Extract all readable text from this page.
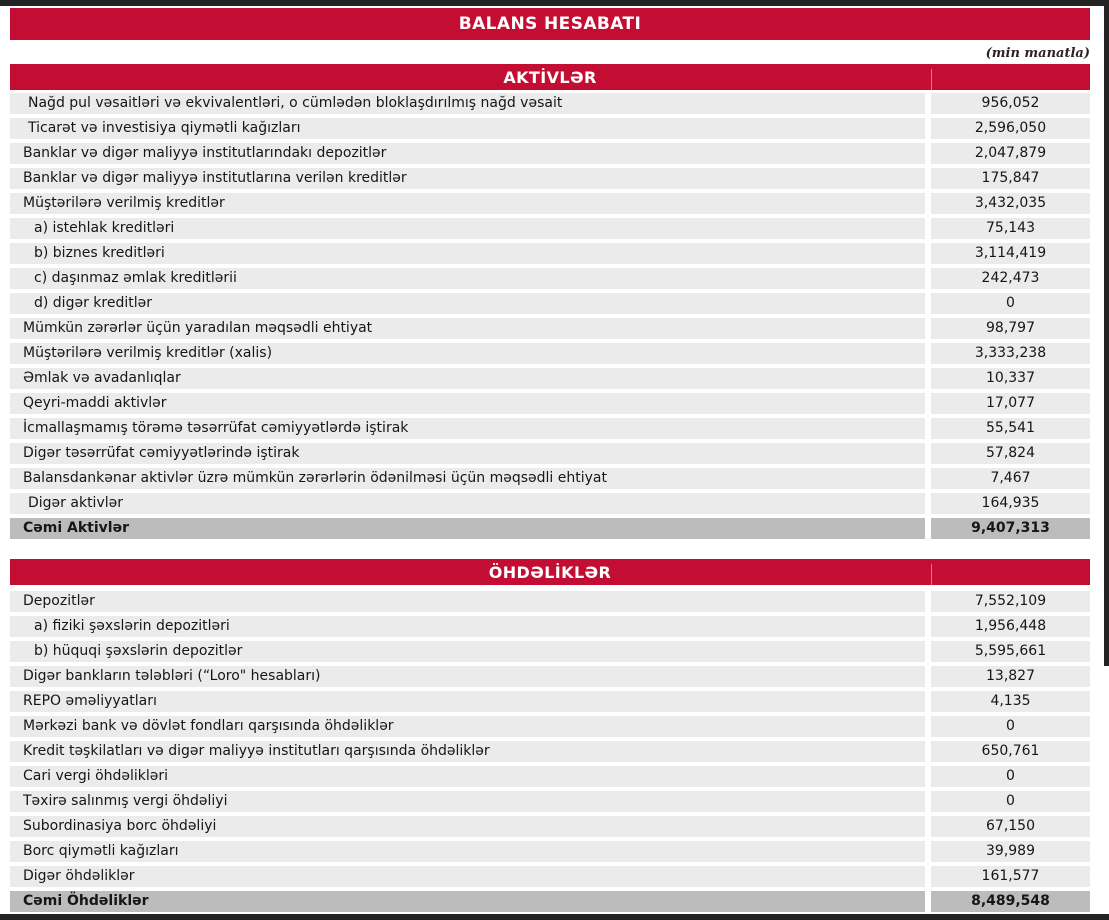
BALANS HESABATI
(min manatla)
AKTİVLƏR
Nağd pul vəsaitləri və ekvivalentləri, o cümlədən bloklaşdırılmış nağd vəsait	956,052
Ticarət və investisiya qiymətli kağızları	2,596,050
Banklar və digər maliyyə institutlarındakı depozitlər	2,047,879
Banklar və digər maliyyə institutlarına verilən kreditlər	175,847
Müştərilərə verilmiş kreditlər	3,432,035
a) istehlak kreditləri	75,143
b) biznes kreditləri	3,114,419
c) daşınmaz əmlak kreditlərii	242,473
d) digər kreditlər	0
Mümkün zərərlər üçün yaradılan məqsədli ehtiyat	98,797
Müştərilərə verilmiş kreditlər (xalis)	3,333,238
Əmlak və avadanlıqlar	10,337
Qeyri-maddi aktivlər	17,077
İcmallaşmamış törəmə təsərrüfat cəmiyyətlərdə iştirak	55,541
Digər təsərrüfat cəmiyyətlərində iştirak	57,824
Balansdankənar aktivlər üzrə mümkün zərərlərin ödənilməsi üçün məqsədli ehtiyat	7,467
Digər aktivlər	164,935
Cəmi Aktivlər	9,407,313
ÖHDƏLİKLƏR
Depozitlər	7,552,109
a) fiziki şəxslərin depozitləri	1,956,448
b) hüquqi şəxslərin depozitlər	5,595,661
Digər bankların tələbləri (“Loro" hesabları)	13,827
REPO əməliyyatları	4,135
Mərkəzi bank və dövlət fondları qarşısında öhdəliklər	0
Kredit təşkilatları və digər maliyyə institutları qarşısında öhdəliklər	650,761
Cari vergi öhdəlikləri	0
Təxirə salınmış vergi öhdəliyi	0
Subordinasiya borc öhdəliyi	67,150
Borc qiymətli kağızları	39,989
Digər öhdəliklər	161,577
Cəmi Öhdəliklər	8,489,548
